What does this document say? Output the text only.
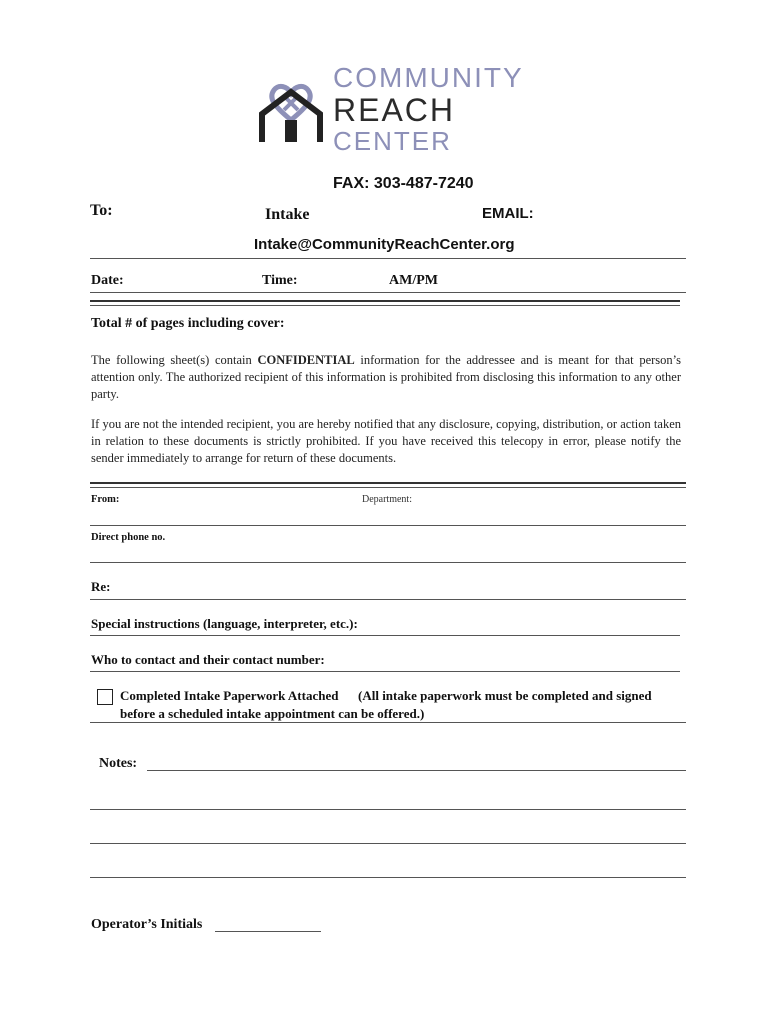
COMMUNITY
REACH
CENTER
FAX: 303-487-7240
To:	Intake	EMAIL:
Intake@CommunityReachCenter.org
Date:	Time:	AM/PM
Total # of pages including cover:
The following sheet(s) contain CONFIDENTIAL information for the addressee and is meant for that person’s attention only. The authorized recipient of this information is prohibited from disclosing this information to any other party.
If you are not the intended recipient, you are hereby notified that any disclosure, copying, distribution, or action taken in relation to these documents is strictly prohibited. If you have received this telecopy in error, please notify the sender immediately to arrange for return of these documents.
From:	Department:
Direct phone no.
Re:
Special instructions (language, interpreter, etc.):
Who to contact and their contact number:
Completed Intake Paperwork Attached (All intake paperwork must be completed and signed
before a scheduled intake appointment can be offered.)
Notes:
Operator’s Initials
